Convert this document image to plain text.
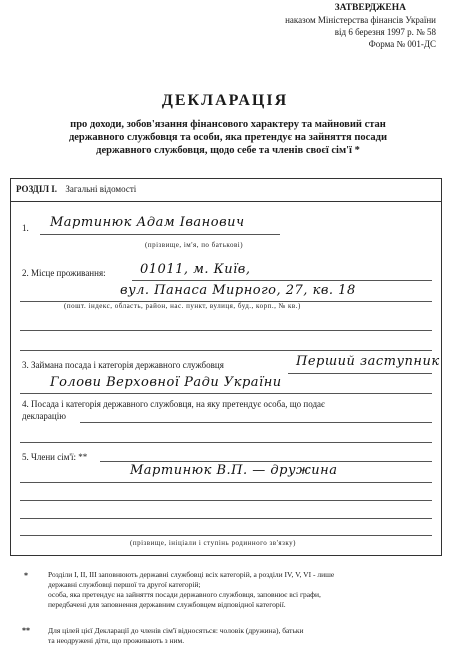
ЗАТВЕРДЖЕНА
наказом Міністерства фінансів України
від 6 березня 1997 р. № 58
Форма № 001-ДС
ДЕКЛАРАЦІЯ
про доходи, зобов'язання фінансового характеру та майновий стан
державного службовця та особи, яка претендує на зайняття посади
державного службовця, щодо себе та членів своєї сім'ї *
РОЗДІЛ І. Загальні відомості
1. Мартинюк Адам Іванович
(прізвище, ім'я, по батькові)
2. Місце проживання:	01011, м. Київ,
вул. Панаса Мирного, 27, кв. 18
(пошт. індекс, область, район, нас. пункт, вулиця, буд., корп., № кв.)
3. Займана посада і категорія державного службовця	Перший заступник
Голови Верховної Ради України
4. Посада і категорія державного службовця, на яку претендує особа, що подає
декларацію
5. Члени сім'ї: **
Мартинюк В.П. — дружина
(прізвище, ініціали і ступінь родинного зв'язку)
*	Розділи І, ІІ, ІІІ заповнюють державні службовці всіх категорій, а розділи IV, V, VI - лише
державні службовці першої та другої категорій;
особа, яка претендує на зайняття посади державного службовця, заповнює всі графи,
передбачені для заповнення державним службовцем відповідної категорії.
** Для цілей цієї Декларації до членів сім'ї відносяться: чоловік (дружина), батьки
та неодружені діти, що проживають з ним.
